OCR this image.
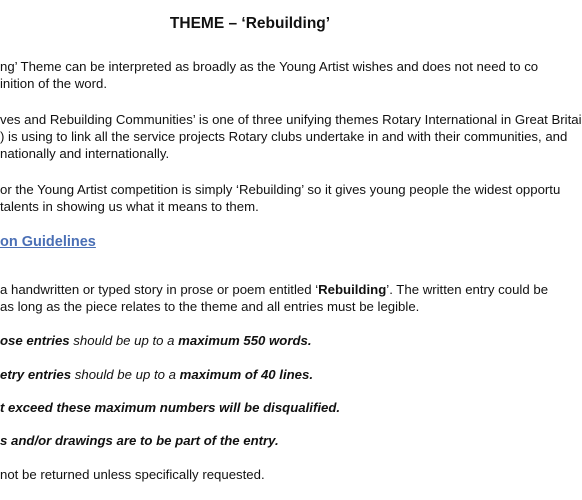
THEME – ‘Rebuilding’
ng’ Theme can be interpreted as broadly as the Young Artist wishes and does not need to co
inition of the word.
ves and Rebuilding Communities’ is one of three unifying themes Rotary International in Great Britai
) is using to link all the service projects Rotary clubs undertake in and with their communities, and
nationally and internationally.
or the Young Artist competition is simply ‘Rebuilding’ so it gives young people the widest opportu
talents in showing us what it means to them.
on Guidelines
a handwritten or typed story in prose or poem entitled ‘Rebuilding’. The written entry could be
as long as the piece relates to the theme and all entries must be legible.
ose entries should be up to a maximum 550 words.
etry entries should be up to a maximum of 40 lines.
t exceed these maximum numbers will be disqualified.
s and/or drawings are to be part of the entry.
not be returned unless specifically requested.
